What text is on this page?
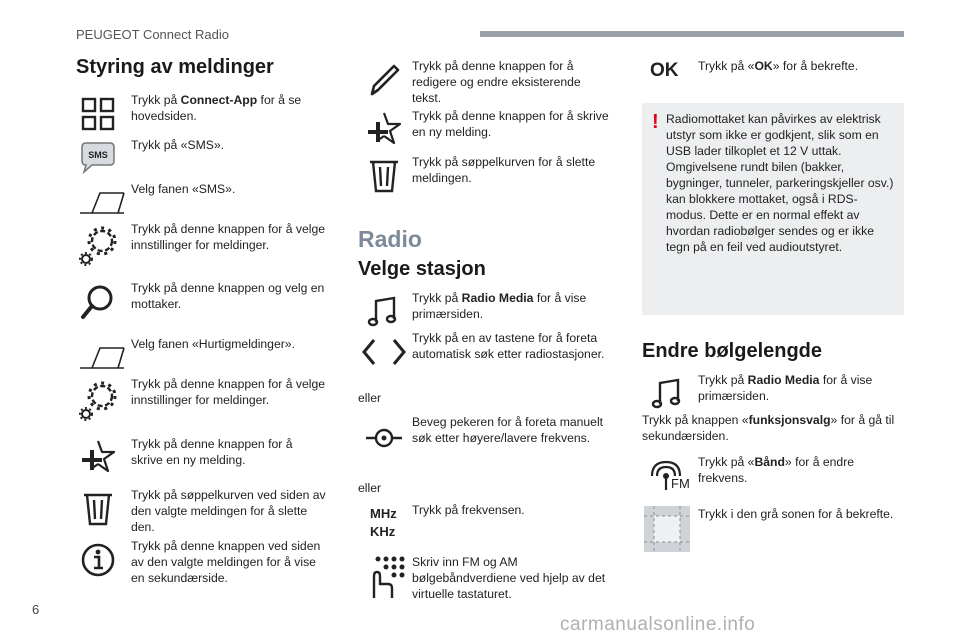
PEUGEOT Connect Radio
Styring av meldinger
Trykk på Connect-App for å se hovedsiden.
SMS
Trykk på «SMS».
Velg fanen «SMS».
Trykk på denne knappen for å velge innstillinger for meldinger.
Trykk på denne knappen og velg en mottaker.
Velg fanen «Hurtigmeldinger».
Trykk på denne knappen for å velge innstillinger for meldinger.
Trykk på denne knappen for å skrive en ny melding.
Trykk på søppelkurven ved siden av den valgte meldingen for å slette den.
Trykk på denne knappen ved siden av den valgte meldingen for å vise en sekundærside.
Trykk på denne knappen for å redigere og endre eksisterende tekst.
Trykk på denne knappen for å skrive en ny melding.
Trykk på søppelkurven for å slette meldingen.
Radio
Velge stasjon
Trykk på Radio Media for å vise primærsiden.
Trykk på en av tastene for å foreta automatisk søk etter radiostasjoner.
eller
Beveg pekeren for å foreta manuelt søk etter høyere/lavere frekvens.
eller
MHz
KHz
Trykk på frekvensen.
Skriv inn FM og AM bølgebåndverdiene ved hjelp av det virtuelle tastaturet.
OK Trykk på «OK» for å bekrefte.
! Radiomottaket kan påvirkes av elektrisk utstyr som ikke er godkjent, slik som en USB lader tilkoplet et 12 V uttak. Omgivelsene rundt bilen (bakker, bygninger, tunneler, parkeringskjeller osv.) kan blokkere mottaket, også i RDS-modus. Dette er en normal effekt av hvordan radiobølger sendes og er ikke tegn på en feil ved audioutstyret.
Endre bølgelengde
Trykk på Radio Media for å vise primærsiden.
Trykk på knappen «funksjonsvalg» for å gå til sekundærsiden.
FM
Trykk på «Bånd» for å endre frekvens.
Trykk i den grå sonen for å bekrefte.
6
carmanualsonline.info
